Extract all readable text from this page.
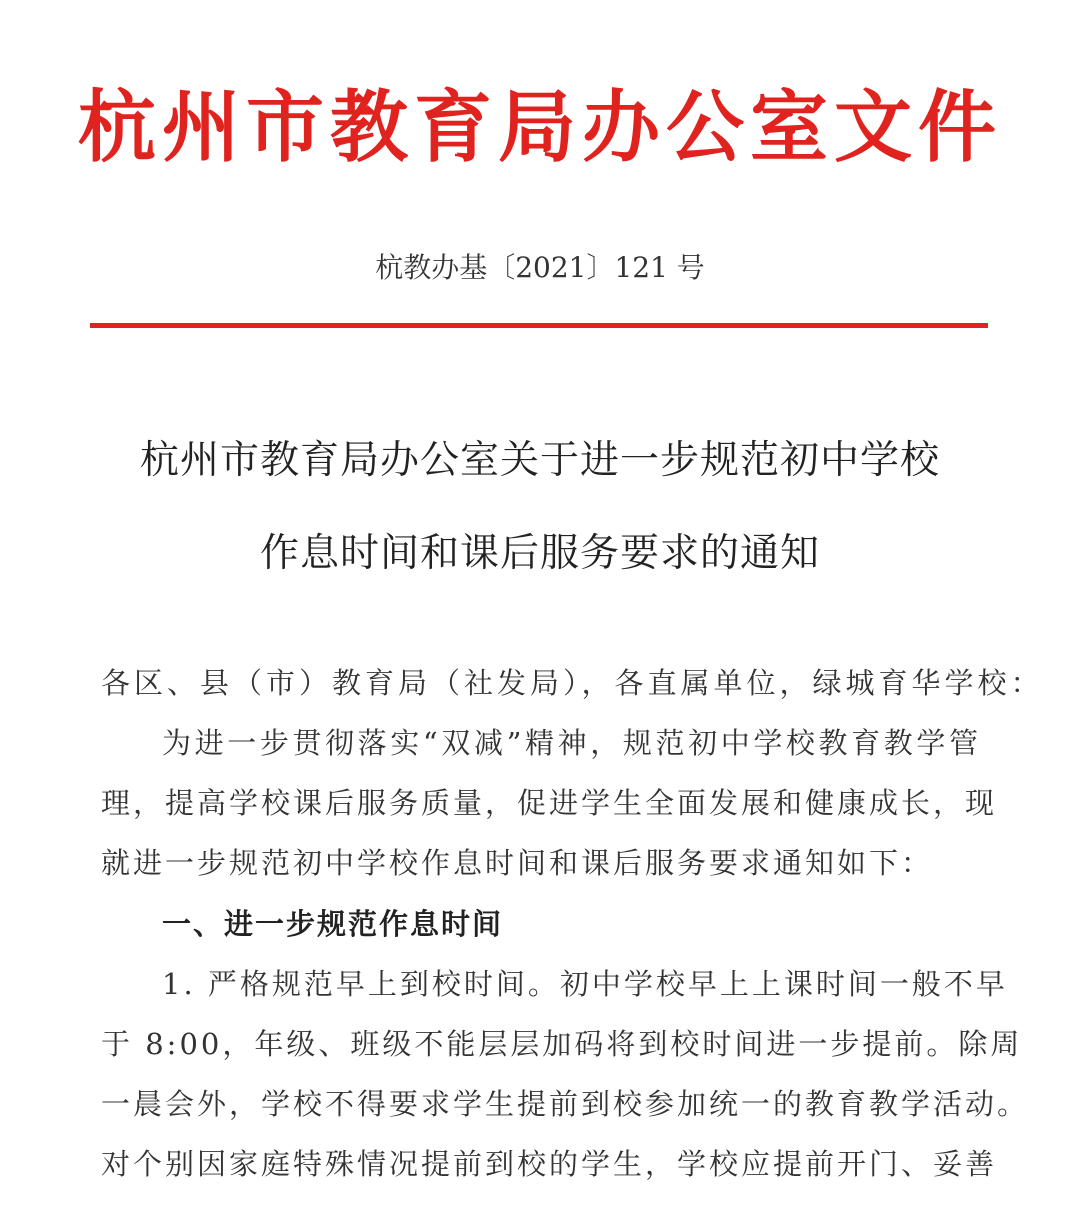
杭州市教育局办公室文件
杭教办基〔2021〕121 号
杭州市教育局办公室关于进一步规范初中学校
作息时间和课后服务要求的通知
各区、县（市）教育局（社发局），各直属单位，绿城育华学校：
为进一步贯彻落实“双减”精神，规范初中学校教育教学管
理，提高学校课后服务质量，促进学生全面发展和健康成长，现
就进一步规范初中学校作息时间和课后服务要求通知如下：
一、进一步规范作息时间
1. 严格规范早上到校时间。初中学校早上上课时间一般不早
于 8:00，年级、班级不能层层加码将到校时间进一步提前。除周
一晨会外，学校不得要求学生提前到校参加统一的教育教学活动。
对个别因家庭特殊情况提前到校的学生，学校应提前开门、妥善
